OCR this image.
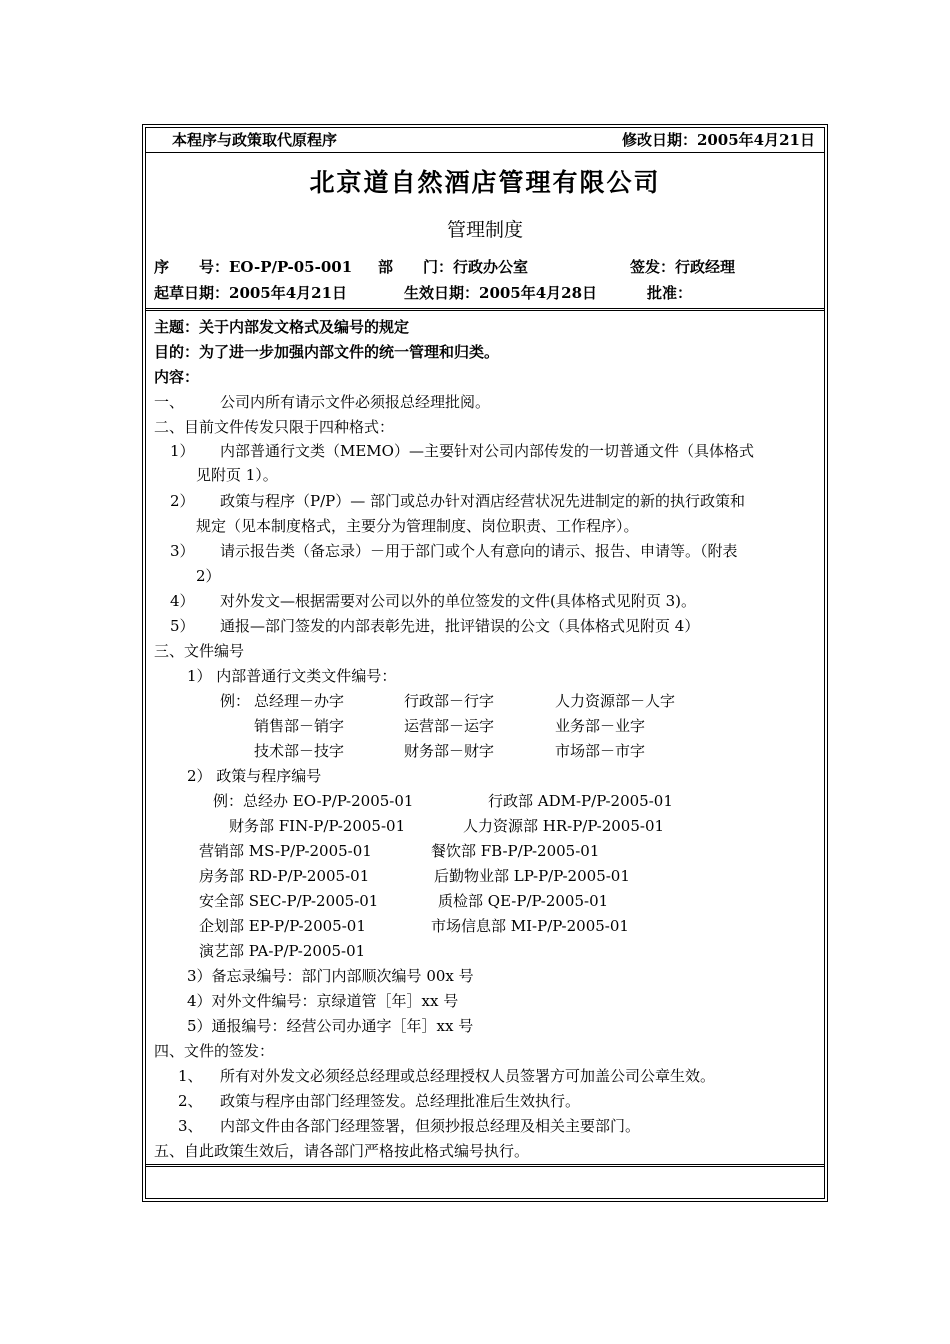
本程序与政策取代原程序	修改日期：2005年4月21日
北京道自然酒店管理有限公司
管理制度
序　　号：EO-P/P-05-001 部　　门：行政办公室	签发：行政经理
起草日期：2005年4月21日	生效日期：2005年4月28日	批准：
主题：关于内部发文格式及编号的规定
目的：为了进一步加强内部文件的统一管理和归类。
内容：
一、 公司内所有请示文件必须报总经理批阅。
二、目前文件传发只限于四种格式：
1） 内部普通行文类（MEMO）—主要针对公司内部传发的一切普通文件（具体格式
见附页 1）。
2） 政策与程序（P/P）— 部门或总办针对酒店经营状况先进制定的新的执行政策和
规定（见本制度格式，主要分为管理制度、岗位职责、工作程序）。
3） 请示报告类（备忘录）－用于部门或个人有意向的请示、报告、申请等。（附表
2）
4） 对外发文—根据需要对公司以外的单位签发的文件(具体格式见附页 3)。
5） 通报—部门签发的内部表彰先进，批评错误的公文（具体格式见附页 4）
三、文件编号
1） 内部普通行文类文件编号：
例： 总经理－办字	行政部－行字	人力资源部－人字
销售部－销字	运营部－运字	业务部－业字
技术部－技字	财务部－财字	市场部－市字
2） 政策与程序编号
例：总经办 EO-P/P-2005-01	行政部 ADM-P/P-2005-01
财务部 FIN-P/P-2005-01	人力资源部 HR-P/P-2005-01
营销部 MS-P/P-2005-01	餐饮部 FB-P/P-2005-01
房务部 RD-P/P-2005-01	后勤物业部 LP-P/P-2005-01
安全部 SEC-P/P-2005-01	质检部 QE-P/P-2005-01
企划部 EP-P/P-2005-01	市场信息部 MI-P/P-2005-01
演艺部 PA-P/P-2005-01
3）备忘录编号：部门内部顺次编号 00x 号
4）对外文件编号：京绿道管［年］xx 号
5）通报编号：经营公司办通字［年］xx 号
四、文件的签发：
1、 所有对外发文必须经总经理或总经理授权人员签署方可加盖公司公章生效。
2、 政策与程序由部门经理签发。总经理批准后生效执行。
3、 内部文件由各部门经理签署，但须抄报总经理及相关主要部门。
五、自此政策生效后，请各部门严格按此格式编号执行。
